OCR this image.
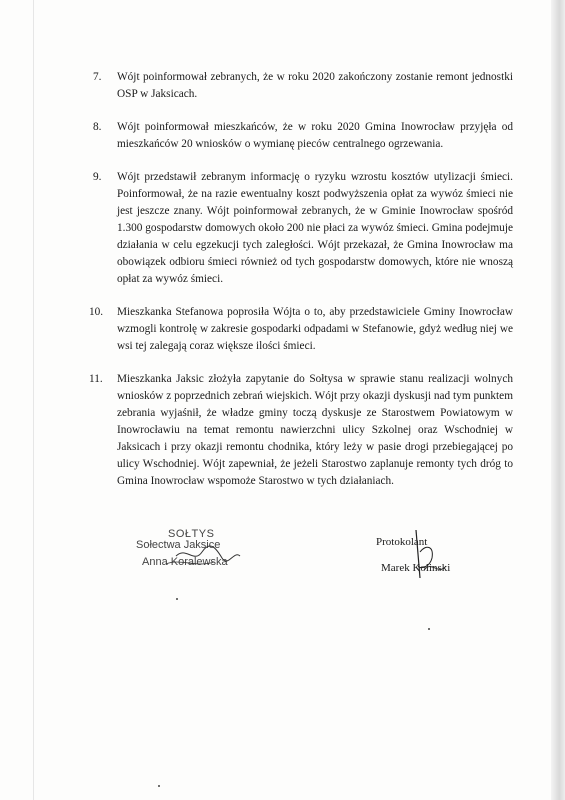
7.	Wójt poinformował zebranych, że w roku 2020 zakończony zostanie remont jednostki OSP w Jaksicach.
8.	Wójt poinformował mieszkańców, że w roku 2020 Gmina Inowrocław przyjęła od mieszkańców 20 wniosków o wymianę pieców centralnego ogrzewania.
9.	Wójt przedstawił zebranym informację o ryzyku wzrostu kosztów utylizacji śmieci. Poinformował, że na razie ewentualny koszt podwyższenia opłat za wywóz śmieci nie jest jeszcze znany. Wójt poinformował zebranych, że w Gminie Inowrocław spośród 1.300 gospodarstw domowych około 200 nie płaci za wywóz śmieci. Gmina podejmuje działania w celu egzekucji tych zaległości. Wójt przekazał, że Gmina Inowrocław ma obowiązek odbioru śmieci również od tych gospodarstw domowych, które nie wnoszą opłat za wywóz śmieci.
10.	Mieszkanka Stefanowa poprosiła Wójta o to, aby przedstawiciele Gminy Inowrocław wzmogli kontrolę w zakresie gospodarki odpadami w Stefanowie, gdyż według niej we wsi tej zalegają coraz większe ilości śmieci.
11.	Mieszkanka Jaksic złożyła zapytanie do Sołtysa w sprawie stanu realizacji wolnych wniosków z poprzednich zebrań wiejskich. Wójt przy okazji dyskusji nad tym punktem zebrania wyjaśnił, że władze gminy toczą dyskusje ze Starostwem Powiatowym w Inowrocławiu na temat remontu nawierzchni ulicy Szkolnej oraz Wschodniej w Jaksicach i przy okazji remontu chodnika, który leży w pasie drogi przebiegającej po ulicy Wschodniej. Wójt zapewniał, że jeżeli Starostwo zaplanuje remonty tych dróg to Gmina Inowrocław wspomoże Starostwo w tych działaniach.
SOŁTYS
Sołectwa Jaksice
Anna Koralewska
Protokolant
Marek Kolinski
